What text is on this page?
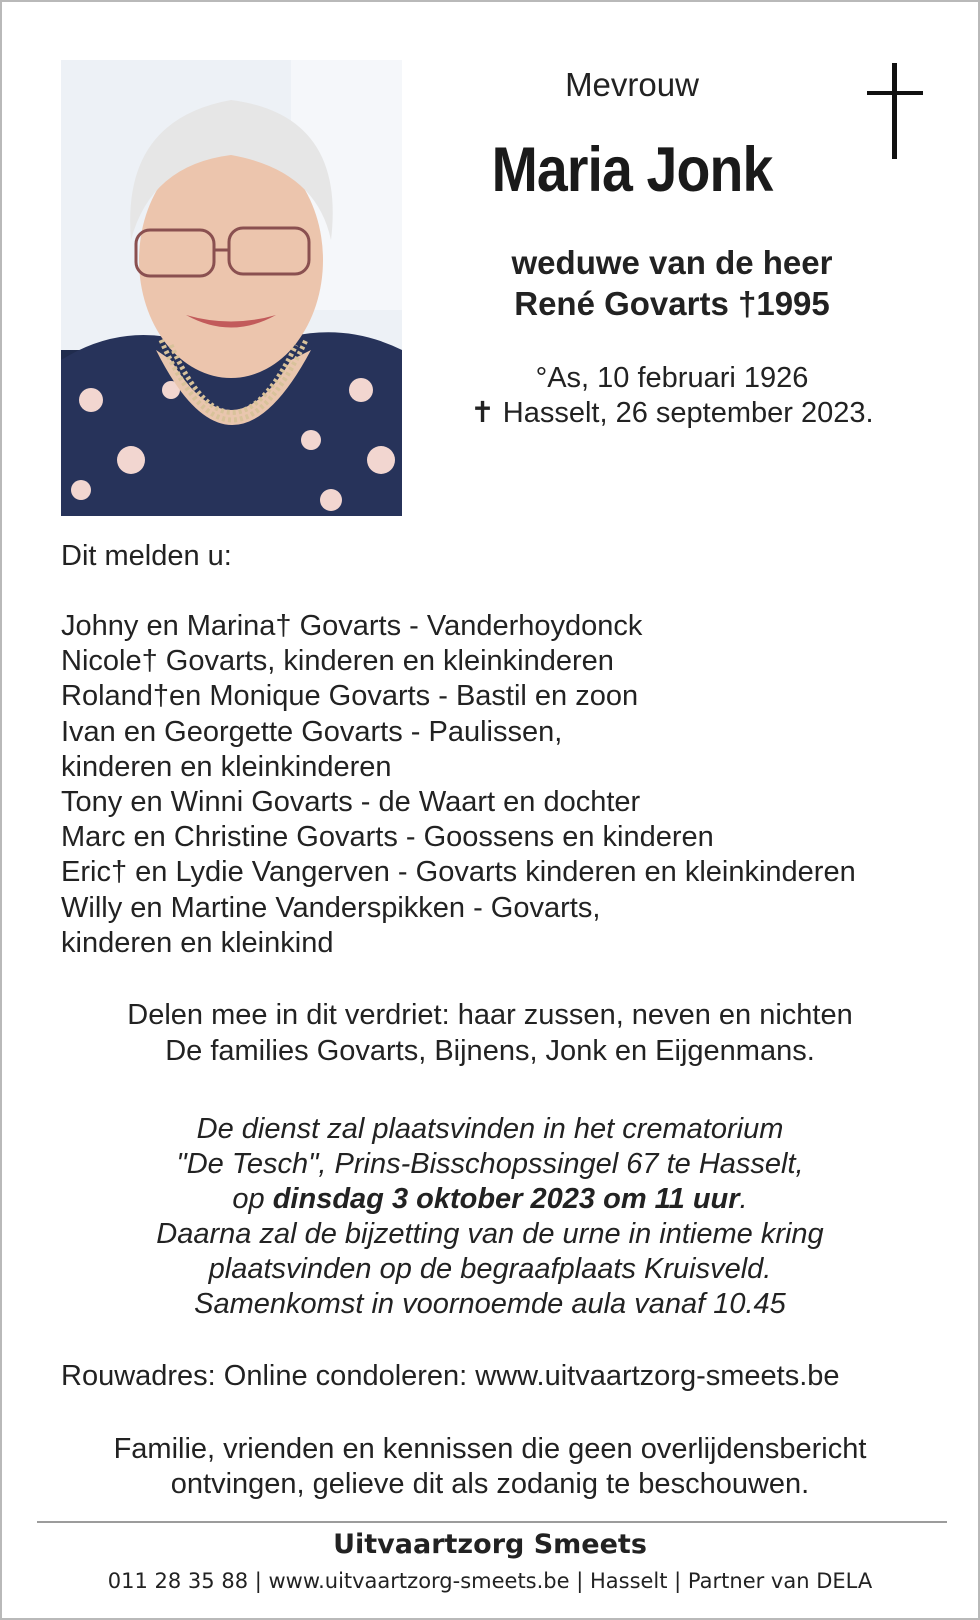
Mevrouw
Maria Jonk
weduwe van de heer
René Govarts †1995
°As, 10 februari 1926
✝ Hasselt, 26 september 2023.
Dit melden u:
Johny en Marina† Govarts - Vanderhoydonck
Nicole† Govarts, kinderen en kleinkinderen
Roland†en Monique Govarts - Bastil en zoon
Ivan en Georgette Govarts - Paulissen,
kinderen en kleinkinderen
Tony en Winni Govarts - de Waart en dochter
Marc en Christine Govarts - Goossens en kinderen
Eric† en Lydie Vangerven - Govarts kinderen en kleinkinderen
Willy en Martine Vanderspikken - Govarts,
kinderen en kleinkind
Delen mee in dit verdriet: haar zussen, neven en nichten
De families Govarts, Bijnens, Jonk en Eijgenmans.
De dienst zal plaatsvinden in het crematorium
"De Tesch", Prins-Bisschopssingel 67 te Hasselt,
op dinsdag 3 oktober 2023 om 11 uur.
Daarna zal de bijzetting van de urne in intieme kring
plaatsvinden op de begraafplaats Kruisveld.
Samenkomst in voornoemde aula vanaf 10.45
Rouwadres: Online condoleren: www.uitvaartzorg-smeets.be
Familie, vrienden en kennissen die geen overlijdensbericht
ontvingen, gelieve dit als zodanig te beschouwen.
Uitvaartzorg Smeets
011 28 35 88 | www.uitvaartzorg-smeets.be | Hasselt | Partner van DELA
